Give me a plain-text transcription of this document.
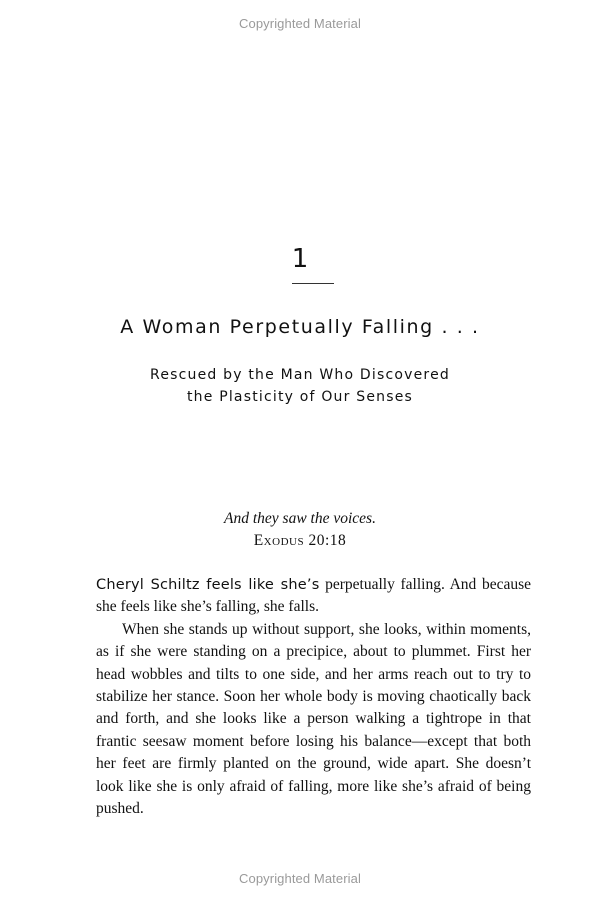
Copyrighted Material
1
A Woman Perpetually Falling . . .
Rescued by the Man Who Discovered
the Plasticity of Our Senses
And they saw the voices.
Exodus 20:18

Cheryl Schiltz feels like she’s perpetually falling. And because she feels like she’s falling, she falls.

When she stands up without support, she looks, within moments, as if she were standing on a precipice, about to plummet. First her head wobbles and tilts to one side, and her arms reach out to try to stabilize her stance. Soon her whole body is moving chaotically back and forth, and she looks like a person walking a tightrope in that frantic seesaw moment before losing his balance—except that both her feet are firmly planted on the ground, wide apart. She doesn’t look like she is only afraid of falling, more like she’s afraid of being pushed.

Copyrighted Material
